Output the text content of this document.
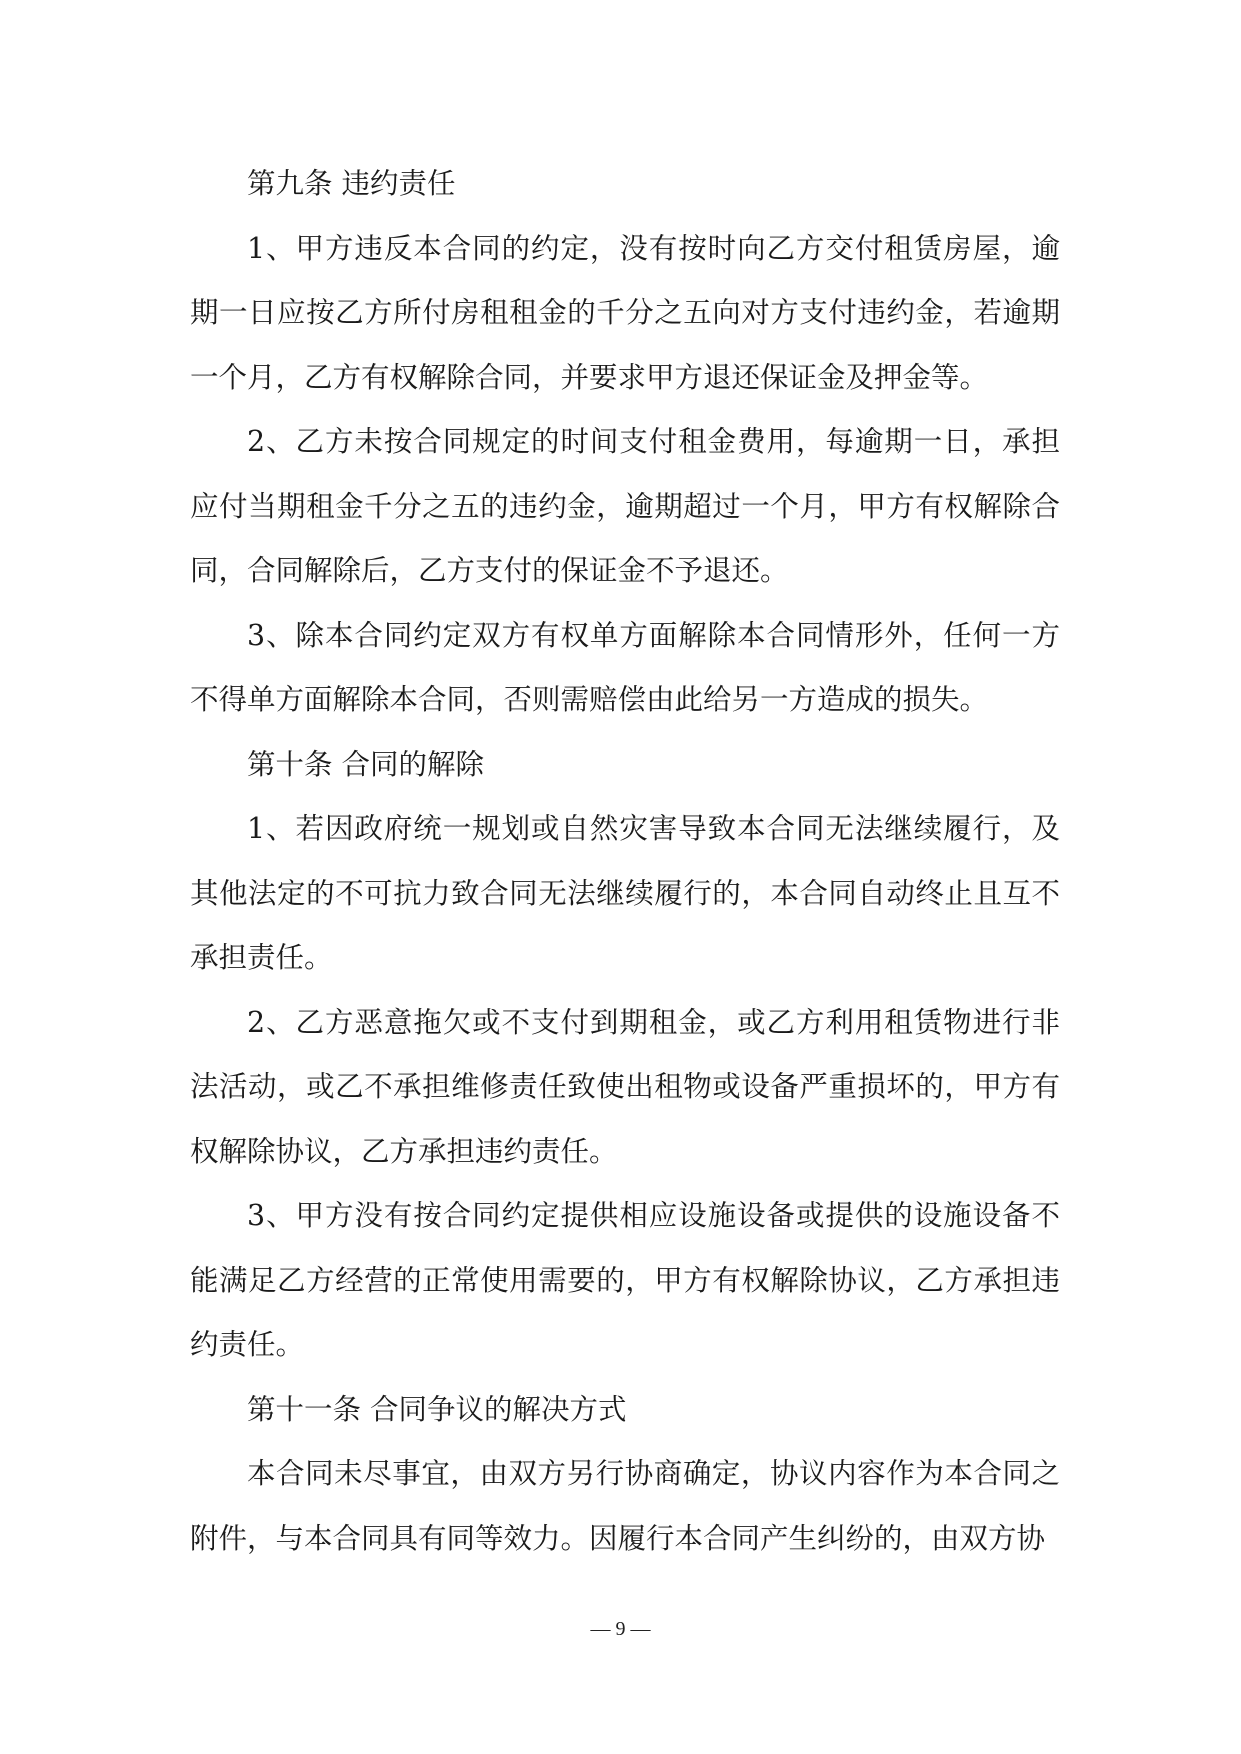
第九条 违约责任

1、甲方违反本合同的约定，没有按时向乙方交付租赁房屋，逾期一日应按乙方所付房租租金的千分之五向对方支付违约金，若逾期一个月，乙方有权解除合同，并要求甲方退还保证金及押金等。

2、乙方未按合同规定的时间支付租金费用，每逾期一日，承担应付当期租金千分之五的违约金，逾期超过一个月，甲方有权解除合同，合同解除后，乙方支付的保证金不予退还。

3、除本合同约定双方有权单方面解除本合同情形外，任何一方不得单方面解除本合同，否则需赔偿由此给另一方造成的损失。

第十条 合同的解除

1、若因政府统一规划或自然灾害导致本合同无法继续履行，及其他法定的不可抗力致合同无法继续履行的，本合同自动终止且互不承担责任。

2、乙方恶意拖欠或不支付到期租金，或乙方利用租赁物进行非法活动，或乙不承担维修责任致使出租物或设备严重损坏的，甲方有权解除协议，乙方承担违约责任。

3、甲方没有按合同约定提供相应设施设备或提供的设施设备不能满足乙方经营的正常使用需要的，甲方有权解除协议，乙方承担违约责任。

第十一条 合同争议的解决方式

本合同未尽事宜，由双方另行协商确定，协议内容作为本合同之附件，与本合同具有同等效力。因履行本合同产生纠纷的，由双方协

— 9 —
